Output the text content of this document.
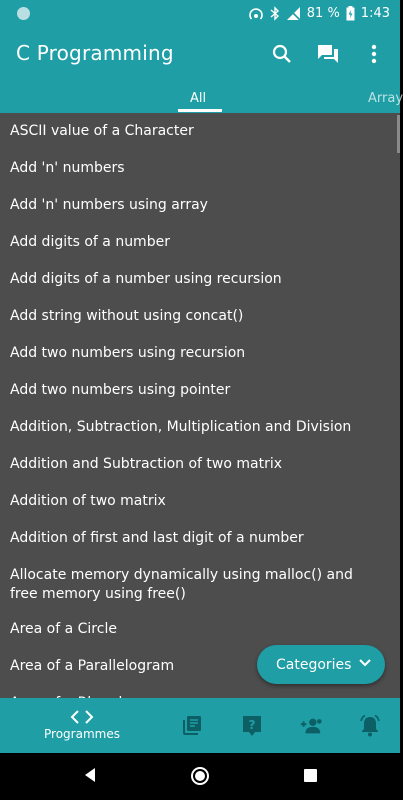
81 % 1:43
C Programming
All	Array
ASCII value of a Character
Add 'n' numbers
Add 'n' numbers using array
Add digits of a number
Add digits of a number using recursion
Add string without using concat()
Add two numbers using recursion
Add two numbers using pointer
Addition, Subtraction, Multiplication and Division
Addition and Subtraction of two matrix
Addition of two matrix
Addition of first and last digit of a number
Allocate memory dynamically using malloc() and free memory using free()
Area of a Circle
Area of a Parallelogram	Categories
Programmes
?
